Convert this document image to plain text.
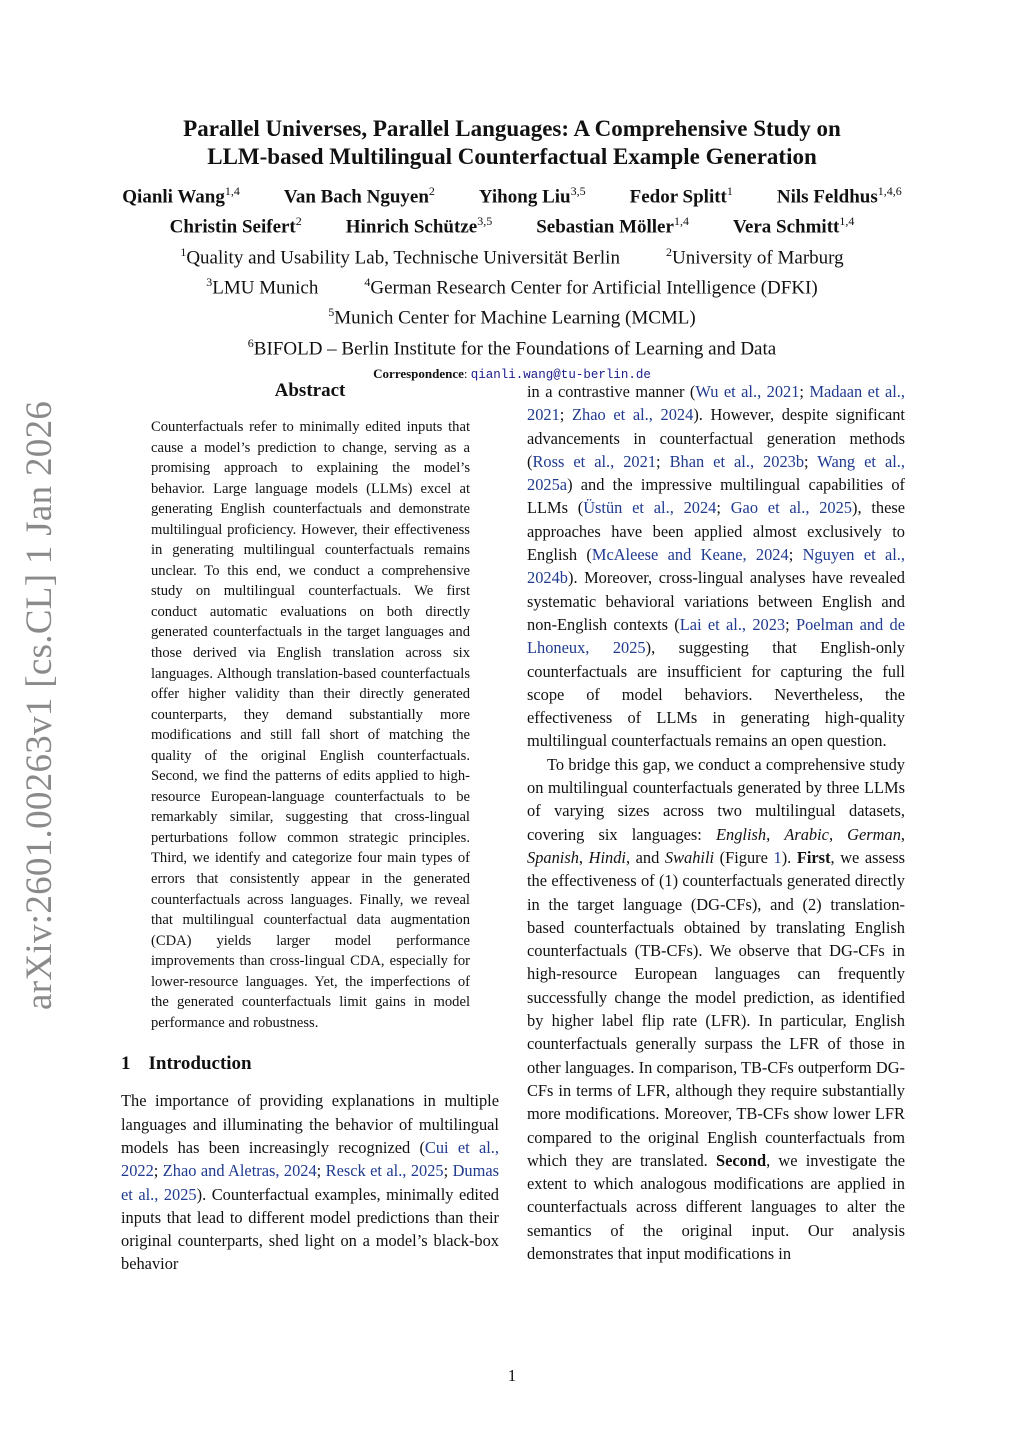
arXiv:2601.00263v1 [cs.CL] 1 Jan 2026
Parallel Universes, Parallel Languages: A Comprehensive Study on
LLM-based Multilingual Counterfactual Example Generation
Qianli Wang$^{1,4}$ Van Bach Nguyen$^2$ Yihong Liu$^{3,5}$ Fedor Splitt$^1$ Nils Feldhus$^{1,4,6}$
Christin Seifert$^2$ Hinrich Schütze$^{3,5}$ Sebastian Möller$^{1,4}$ Vera Schmitt$^{1,4}$
$^1$Quality and Usability Lab, Technische Universität Berlin	$^2$University of Marburg
$^3$LMU Munich	$^4$German Research Center for Artificial Intelligence (DFKI)
$^5$Munich Center for Machine Learning (MCML)
$^6$BIFOLD – Berlin Institute for the Foundations of Learning and Data
Correspondence: qianli.wang@tu-berlin.de
Abstract

Counterfactuals refer to minimally edited inputs that cause a model’s prediction to change, serving as a promising approach to explaining the model’s behavior. Large language models (LLMs) excel at generating English counterfactuals and demonstrate multilingual proficiency. However, their effectiveness in generating multilingual counterfactuals remains unclear. To this end, we conduct a comprehensive study on multilingual counterfactuals. We first conduct automatic evaluations on both directly generated counterfactuals in the target languages and those derived via English translation across six languages. Although translation-based counterfactuals offer higher validity than their directly generated counterparts, they demand substantially more modifications and still fall short of matching the quality of the original English counterfactuals. Second, we find the patterns of edits applied to high-resource European-language counterfactuals to be remarkably similar, suggesting that cross-lingual perturbations follow common strategic principles. Third, we identify and categorize four main types of errors that consistently appear in the generated counterfactuals across languages. Finally, we reveal that multilingual counterfactual data augmentation (CDA) yields larger model performance improvements than cross-lingual CDA, especially for lower-resource languages. Yet, the imperfections of the generated counterfactuals limit gains in model performance and robustness.

1 Introduction

The importance of providing explanations in multiple languages and illuminating the behavior of multilingual models has been increasingly recognized (Cui et al., 2022; Zhao and Aletras, 2024; Resck et al., 2025; Dumas et al., 2025). Counterfactual examples, minimally edited inputs that lead to different model predictions than their original counterparts, shed light on a model’s black-box behavior

in a contrastive manner (Wu et al., 2021; Madaan et al., 2021; Zhao et al., 2024). However, despite significant advancements in counterfactual generation methods (Ross et al., 2021; Bhan et al., 2023b; Wang et al., 2025a) and the impressive multilingual capabilities of LLMs (Üstün et al., 2024; Gao et al., 2025), these approaches have been applied almost exclusively to English (McAleese and Keane, 2024; Nguyen et al., 2024b). Moreover, cross-lingual analyses have revealed systematic behavioral variations between English and non-English contexts (Lai et al., 2023; Poelman and de Lhoneux, 2025), suggesting that English-only counterfactuals are insufficient for capturing the full scope of model behaviors. Nevertheless, the effectiveness of LLMs in generating high-quality multilingual counterfactuals remains an open question.

To bridge this gap, we conduct a comprehensive study on multilingual counterfactuals generated by three LLMs of varying sizes across two multilingual datasets, covering six languages: English, Arabic, German, Spanish, Hindi, and Swahili (Figure 1). First, we assess the effectiveness of (1) counterfactuals generated directly in the target language (DG-CFs), and (2) translation-based counterfactuals obtained by translating English counterfactuals (TB-CFs). We observe that DG-CFs in high-resource European languages can frequently successfully change the model prediction, as identified by higher label flip rate (LFR). In particular, English counterfactuals generally surpass the LFR of those in other languages. In comparison, TB-CFs outperform DG-CFs in terms of LFR, although they require substantially more modifications. Moreover, TB-CFs show lower LFR compared to the original English counterfactuals from which they are translated. Second, we investigate the extent to which analogous modifications are applied in counterfactuals across different languages to alter the semantics of the original input. Our analysis demonstrates that input modifications in

1
